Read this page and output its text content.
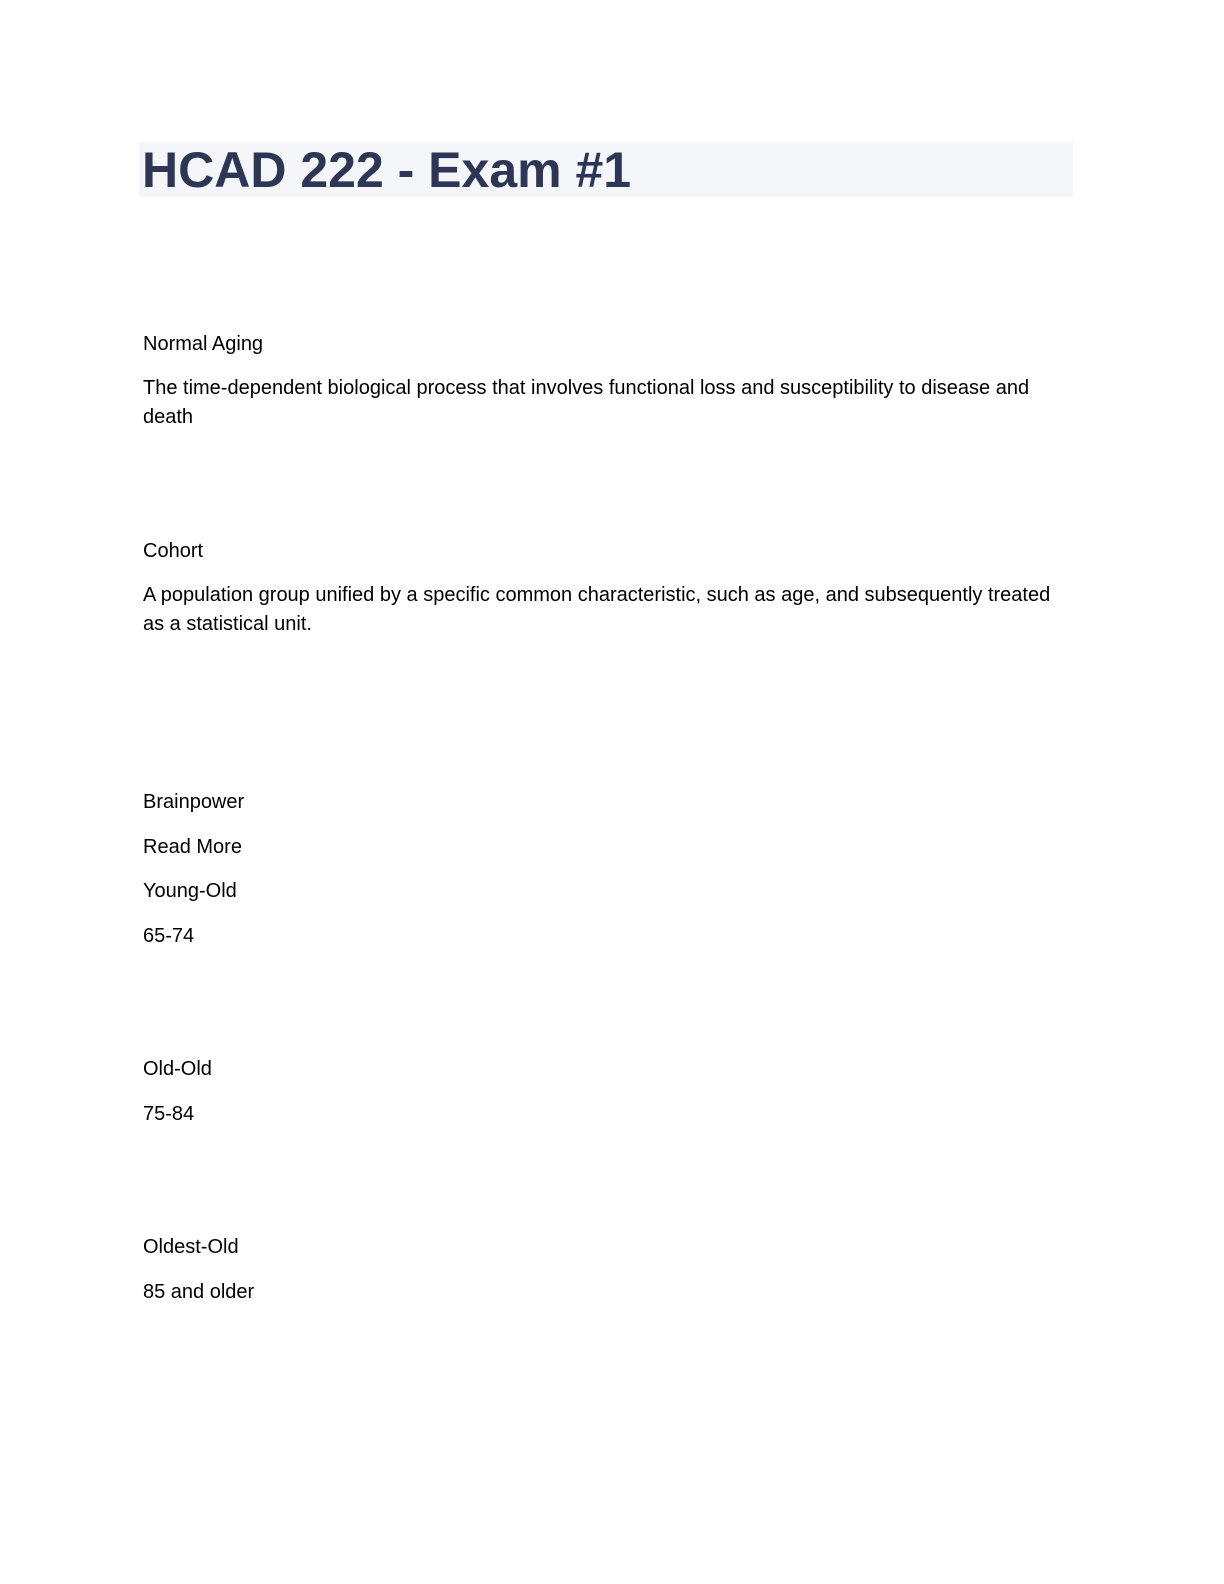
HCAD 222 - Exam #1
Normal Aging
The time-dependent biological process that involves functional loss and susceptibility to disease and death
Cohort
A population group unified by a specific common characteristic, such as age, and subsequently treated as a statistical unit.
Brainpower
Read More
Young-Old
65-74
Old-Old
75-84
Oldest-Old
85 and older
